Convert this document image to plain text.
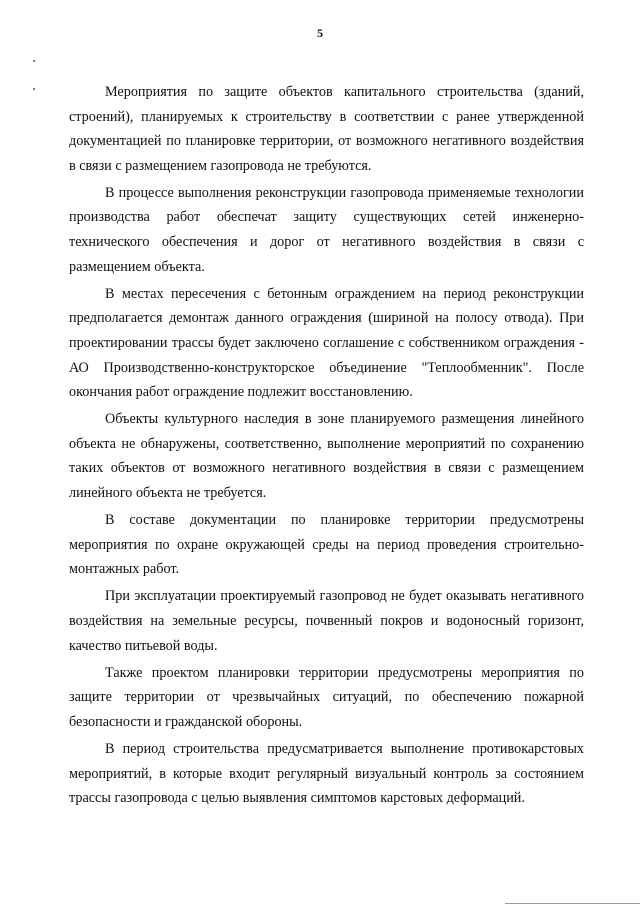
5

Мероприятия по защите объектов капитального строительства (зданий, строений), планируемых к строительству в соответствии с ранее утвержденной документацией по планировке территории, от возможного негативного воздействия в связи с размещением газопровода не требуются.

В процессе выполнения реконструкции газопровода применяемые технологии производства работ обеспечат защиту существующих сетей инженерно-технического обеспечения и дорог от негативного воздействия в связи с размещением объекта.

В местах пересечения с бетонным ограждением на период реконструкции предполагается демонтаж данного ограждения (шириной на полосу отвода). При проектировании трассы будет заключено соглашение с собственником ограждения - АО Производственно-конструкторское объединение "Теплообменник". После окончания работ ограждение подлежит восстановлению.

Объекты культурного наследия в зоне планируемого размещения линейного объекта не обнаружены, соответственно, выполнение мероприятий по сохранению таких объектов от возможного негативного воздействия в связи с размещением линейного объекта не требуется.

В составе документации по планировке территории предусмотрены мероприятия по охране окружающей среды на период проведения строительно-монтажных работ.

При эксплуатации проектируемый газопровод не будет оказывать негативного воздействия на земельные ресурсы, почвенный покров и водоносный горизонт, качество питьевой воды.

Также проектом планировки территории предусмотрены мероприятия по защите территории от чрезвычайных ситуаций, по обеспечению пожарной безопасности и гражданской обороны.

В период строительства предусматривается выполнение противокарстовых мероприятий, в которые входит регулярный визуальный контроль за состоянием трассы газопровода с целью выявления симптомов карстовых деформаций.
